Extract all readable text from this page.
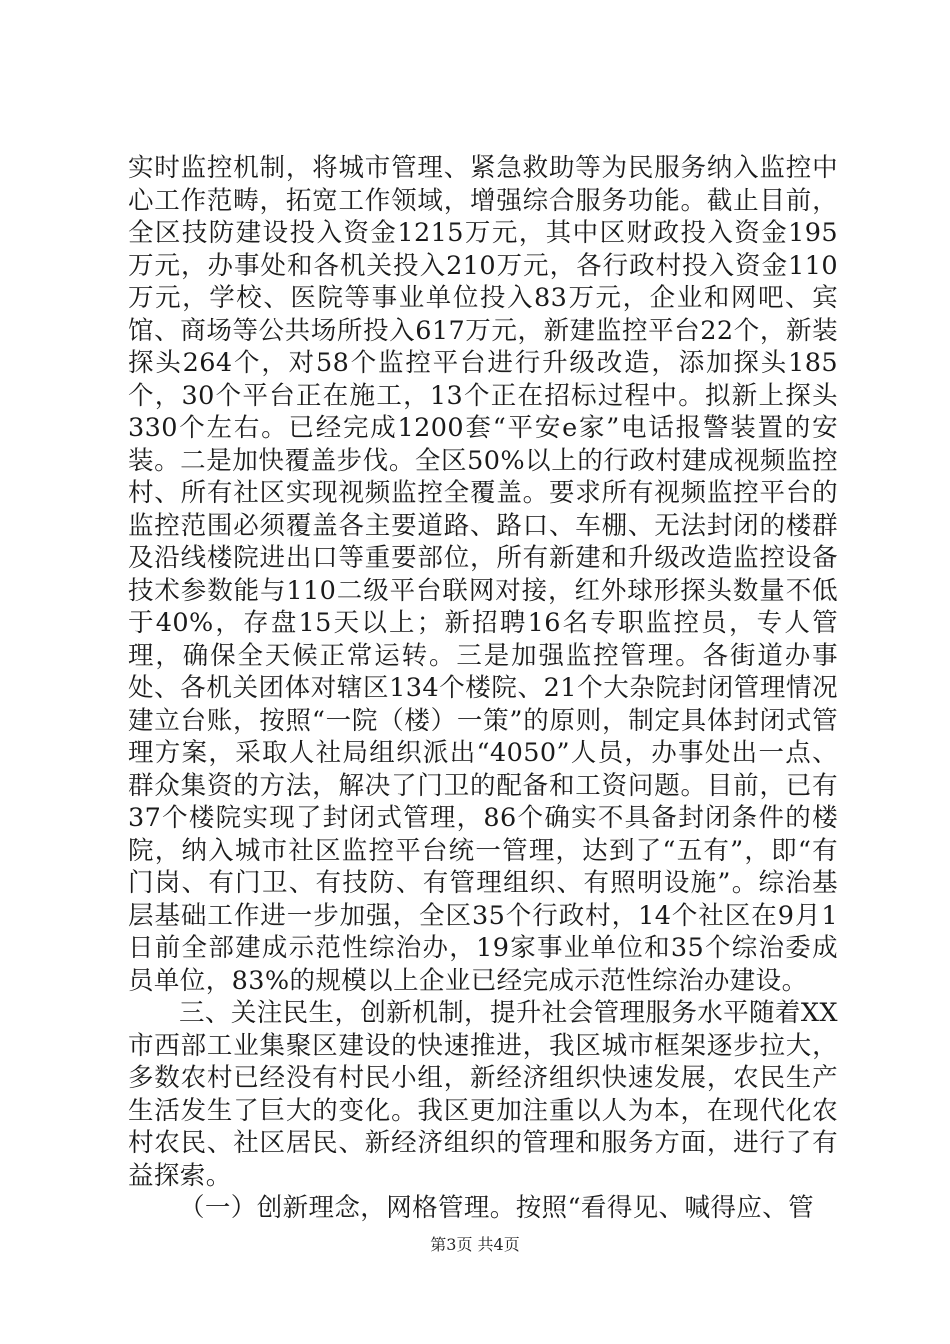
实时监控机制，将城市管理、紧急救助等为民服务纳入监控中心工作范畴，拓宽工作领域，增强综合服务功能。截止目前，全区技防建设投入资金1215万元，其中区财政投入资金195万元，办事处和各机关投入210万元，各行政村投入资金110万元，学校、医院等事业单位投入83万元，企业和网吧、宾馆、商场等公共场所投入617万元，新建监控平台22个，新装探头264个，对58个监控平台进行升级改造，添加探头185个，30个平台正在施工，13个正在招标过程中。拟新上探头330个左右。已经完成1200套“平安e家”电话报警装置的安装。二是加快覆盖步伐。全区50%以上的行政村建成视频监控村、所有社区实现视频监控全覆盖。要求所有视频监控平台的监控范围必须覆盖各主要道路、路口、车棚、无法封闭的楼群及沿线楼院进出口等重要部位，所有新建和升级改造监控设备技术参数能与110二级平台联网对接，红外球形探头数量不低于40%，存盘15天以上；新招聘16名专职监控员，专人管理，确保全天候正常运转。三是加强监控管理。各街道办事处、各机关团体对辖区134个楼院、21个大杂院封闭管理情况建立台账，按照“一院（楼）一策”的原则，制定具体封闭式管理方案，采取人社局组织派出“4050”人员，办事处出一点、群众集资的方法，解决了门卫的配备和工资问题。目前，已有37个楼院实现了封闭式管理，86个确实不具备封闭条件的楼院，纳入城市社区监控平台统一管理，达到了“五有”，即“有门岗、有门卫、有技防、有管理组织、有照明设施”。综治基层基础工作进一步加强，全区35个行政村，14个社区在9月1日前全部建成示范性综治办，19家事业单位和35个综治委成员单位，83%的规模以上企业已经完成示范性综治办建设。

三、关注民生，创新机制，提升社会管理服务水平随着XX市西部工业集聚区建设的快速推进，我区城市框架逐步拉大，多数农村已经没有村民小组，新经济组织快速发展，农民生产生活发生了巨大的变化。我区更加注重以人为本，在现代化农村农民、社区居民、新经济组织的管理和服务方面，进行了有益探索。

（一）创新理念，网格管理。按照“看得见、喊得应、管

第3页 共4页
